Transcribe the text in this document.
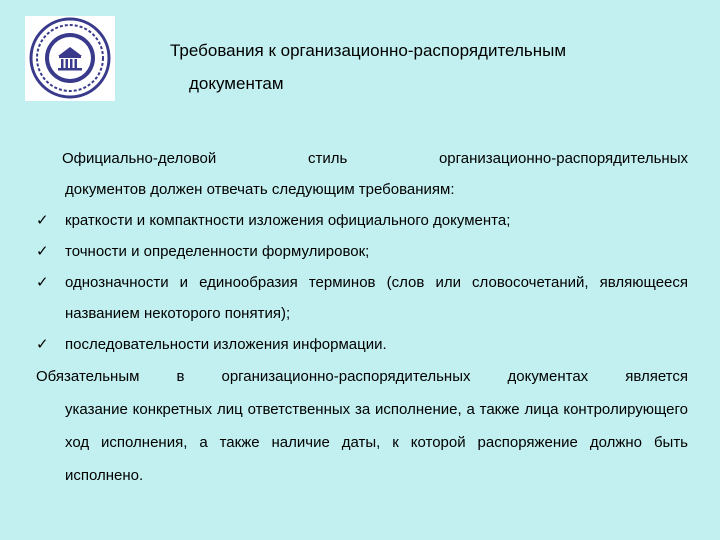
Требования к организационно-распорядительным
документам
Официально-деловой стиль организационно-распорядительных
документов должен отвечать следующим требованиям:
✓ краткости и компактности изложения официального документа;
✓ точности и определенности формулировок;
✓ однозначности и единообразия терминов (слов или словосочетаний, являющееся названием некоторого понятия);
✓ последовательности изложения информации.
Обязательным в организационно-распорядительных документах является
указание конкретных лиц ответственных за исполнение, а также лица контролирующего ход исполнения, а также наличие даты, к которой распоряжение должно быть исполнено.
